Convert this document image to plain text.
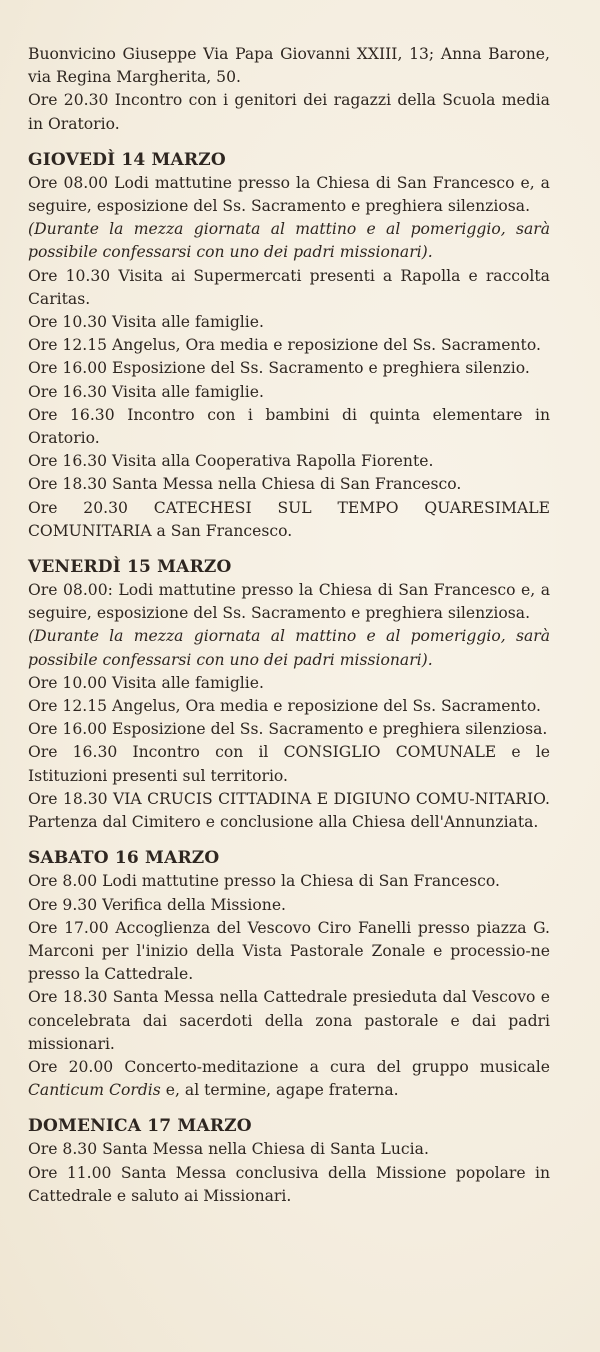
Buonvicino Giuseppe Via Papa Giovanni XXIII, 13; Anna Barone, via Regina Margherita, 50.

Ore 20.30 Incontro con i genitori dei ragazzi della Scuola media in Oratorio.

GIOVEDÌ 14 MARZO

Ore 08.00 Lodi mattutine presso la Chiesa di San Francesco e, a seguire, esposizione del Ss. Sacramento e preghiera silenziosa.

(Durante la mezza giornata al mattino e al pomeriggio, sarà possibile confessarsi con uno dei padri missionari).

Ore 10.30 Visita ai Supermercati presenti a Rapolla e raccolta Caritas.

Ore 10.30 Visita alle famiglie.

Ore 12.15 Angelus, Ora media e reposizione del Ss. Sacramento.

Ore 16.00 Esposizione del Ss. Sacramento e preghiera silenzio.

Ore 16.30 Visita alle famiglie.

Ore 16.30 Incontro con i bambini di quinta elementare in Oratorio.

Ore 16.30 Visita alla Cooperativa Rapolla Fiorente.

Ore 18.30 Santa Messa nella Chiesa di San Francesco.

Ore 20.30 CATECHESI SUL TEMPO QUARESIMALE COMUNITARIA a San Francesco.

VENERDÌ 15 MARZO

Ore 08.00: Lodi mattutine presso la Chiesa di San Francesco e, a seguire, esposizione del Ss. Sacramento e preghiera silenziosa.

(Durante la mezza giornata al mattino e al pomeriggio, sarà possibile confessarsi con uno dei padri missionari).

Ore 10.00 Visita alle famiglie.

Ore 12.15 Angelus, Ora media e reposizione del Ss. Sacramento.

Ore 16.00 Esposizione del Ss. Sacramento e preghiera silenziosa.

Ore 16.30 Incontro con il CONSIGLIO COMUNALE e le Istituzioni presenti sul territorio.

Ore 18.30 VIA CRUCIS CITTADINA E DIGIUNO COMU-NITARIO. Partenza dal Cimitero e conclusione alla Chiesa dell'Annunziata.

SABATO 16 MARZO

Ore 8.00 Lodi mattutine presso la Chiesa di San Francesco.

Ore 9.30 Verifica della Missione.

Ore 17.00 Accoglienza del Vescovo Ciro Fanelli presso piazza G. Marconi per l'inizio della Vista Pastorale Zonale e processio-ne presso la Cattedrale.

Ore 18.30 Santa Messa nella Cattedrale presieduta dal Vescovo e concelebrata dai sacerdoti della zona pastorale e dai padri missionari.

Ore 20.00 Concerto-meditazione a cura del gruppo musicale Canticum Cordis e, al termine, agape fraterna.

DOMENICA 17 MARZO

Ore 8.30 Santa Messa nella Chiesa di Santa Lucia.

Ore 11.00 Santa Messa conclusiva della Missione popolare in Cattedrale e saluto ai Missionari.
